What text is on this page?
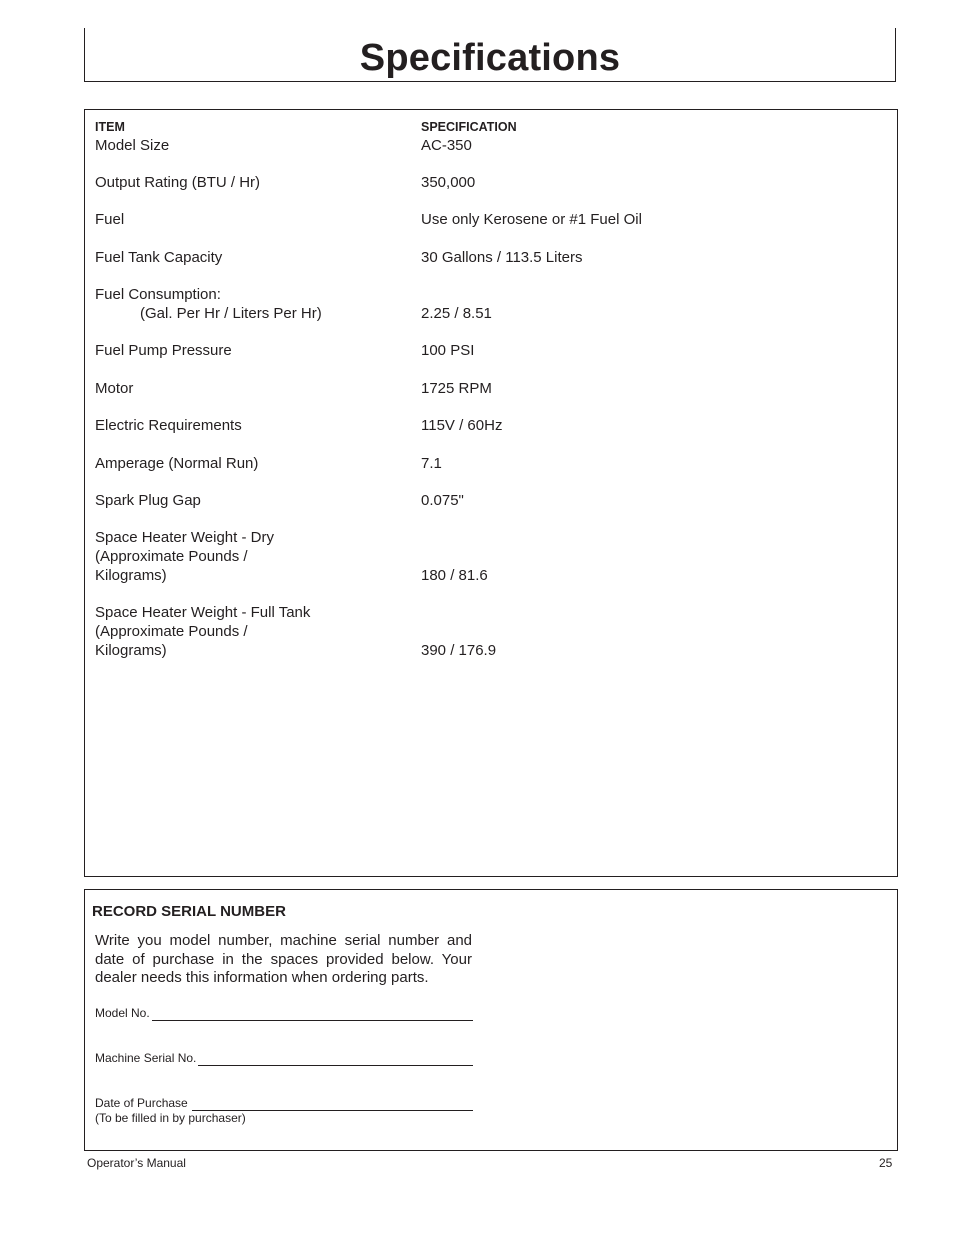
Specifications
ITEM	SPECIFICATION
Model Size	AC-350
Output Rating (BTU / Hr)	350,000
Fuel	Use only Kerosene or #1 Fuel Oil
Fuel Tank Capacity	30 Gallons / 113.5 Liters
Fuel Consumption:
(Gal. Per Hr / Liters Per Hr)	2.25 / 8.51
Fuel Pump Pressure	100 PSI
Motor	1725 RPM
Electric Requirements	115V / 60Hz
Amperage (Normal Run)	7.1
Spark Plug Gap	0.075"
Space Heater Weight - Dry
(Approximate Pounds /
Kilograms)	180 / 81.6
Space Heater Weight - Full Tank
(Approximate Pounds /
Kilograms)	390 / 176.9
RECORD SERIAL NUMBER
Write you model number, machine serial number and date of purchase in the spaces provided below. Your dealer needs this information when ordering parts.
Model No.
Machine Serial No.
Date of Purchase
(To be filled in by purchaser)
Operator’s Manual	25
